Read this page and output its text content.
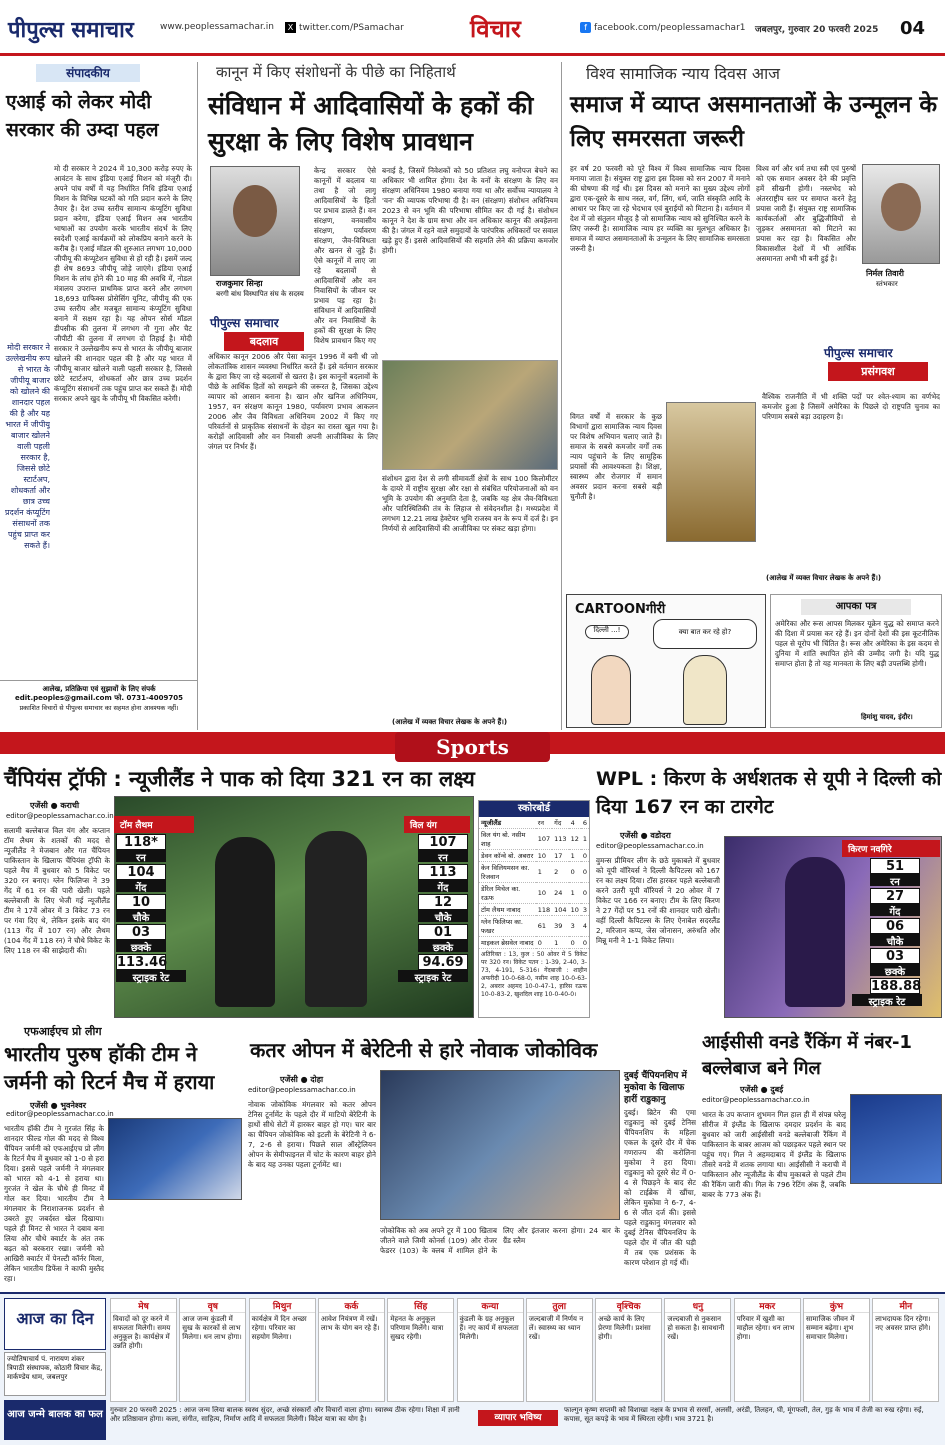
पीपुल्स समाचार	www.peoplessamachar.in	X twitter.com/PSamachar	विचार	f facebook.com/peoplessamachar1 जबलपुर, गुरुवार 20 फरवरी 2025 04
संपादकीय
एआई को लेकर मोदी सरकार की उम्दा पहल
मो दी सरकार ने 2024 में 10,300 करोड़ रुपए के आवंटन के साथ इंडिया एआई मिशन को मंजूरी दी। अपने पांच वर्षों में यह निर्धारित निधि इंडिया एआई मिशन के विभिन्न घटकों को गति प्रदान करने के लिए तैयार है। देश उच्च स्तरीय सामान्य कंप्यूटिंग सुविधा प्रदान करेगा, इंडिया एआई मिशन अब भारतीय भाषाओं का उपयोग करके भारतीय संदर्भ के लिए स्वदेशी एआई कार्यक्रमों को लोकप्रिय बनाने करने के करीब है। एआई मॉडल की शुरुआत लगभग 10,000 जीपीयू की कंप्यूटेशन सुविधा से हो रही है। इसमें जल्द ही शेष 8693 जीपीयू जोड़े जाएंगे। इंडिया एआई मिशन के लांच होने की 10 माह की अवधि में, नोडल मंत्रालय उपरान्त प्राथमिक प्राप्त करने और लगभग 18,693 ग्राफिक्स प्रोसेसिंग यूनिट, जीपीयू की एक उच्च स्तरीय और मजबूत सामान्य कंप्यूटिंग सुविधा बनाने में सक्षम रहा है। यह ओपन सोर्स मॉडल डीपसीक की तुलना में लगभग नौ गुना और चैट जीपीटी की तुलना में लगभग दो तिहाई है। मोदी सरकार ने उल्लेखनीय रूप से भारत के जीपीयू बाजार खोलने की शानदार पहल की है और यह भारत में जीपीयू बाजार खोलने वाली पहली सरकार है, जिससे छोटे स्टार्टअप, शोधकर्ता और छात्र उच्च प्रदर्शन कंप्यूटिंग संसाधनों तक पहुंच प्राप्त कर सकते हैं। मोदी सरकार अपने खुद के जीपीयू भी विकसित करेगी।
मोदी सरकार ने उल्लेखनीय रूप से भारत के जीपीयू बाजार को खोलने की शानदार पहल की है और यह भारत में जीपीयू बाजार खोलने वाली पहली सरकार है, जिससे छोटे स्टार्टअप, शोधकर्ता और छात्र उच्च प्रदर्शन कंप्यूटिंग संसाधनों तक पहुंच प्राप्त कर सकते हैं।
आलेख, प्रतिक्रिया एवं सुझावों के लिए संपर्क
edit.peoples@gmail.com फो. 0731-4009705
प्रकाशित विचारों से पीपुल्स समाचार का सहमत होना आवश्यक नहीं।
कानून में किए संशोधनों के पीछे का निहितार्थ
संविधान में आदिवासियों के हकों की सुरक्षा के लिए विशेष प्रावधान
राजकुमार सिन्हा
बरगी बांध विस्थापित संघ के सदस्य
पीपुल्स समाचार
बदलाव
केन्द्र सरकार ऐसे कानूनों में बदलाव या तथा है जो लागू आदिवासियों के हितों पर प्रभाव डालते हैं। वन संरक्षण, वनवासीय संरक्षण, पर्यावरण संरक्षण, जैव-विविधता और खनन से जुड़े हैं। ऐसे कानूनों में लाए जा रहे बदलावों से आदिवासियों और वन निवासियों के जीवन पर प्रभाव पड़ रहा है। संविधान में आदिवासियों और वन निवासियों के हकों की सुरक्षा के लिए विशेष प्रावधान किए गए
अधिकार कानून 2006 और पेसा कानून 1996 में बनी थी जो लोकतांत्रिक शासन व्यवस्था निर्धारित करते हैं। इसे वर्तमान सरकार के द्वारा किए जा रहे बदलावों से खतरा है। इस कानूनों बदलावों के पीछे के आर्थिक हितों को समझने की जरूरत है, जिसका उद्देश्य व्यापार को आसान बनाना है। खान और खनिज अधिनियम, 1957, वन संरक्षण कानून 1980, पर्यावरण प्रभाव आकलन 2006 और जैव विविधता अधिनियम 2002 में किए गए परिवर्तनों से प्राकृतिक संसाधनों के दोहन का रास्ता खुल गया है। करोड़ों आदिवासी और वन निवासी अपनी आजीविका के लिए जंगल पर निर्भर हैं।
बनाई है, जिसमें निवेशकों को 50 प्रतिशत लघु वनोपज बेचने का अधिकार भी शामिल होगा। देश के वनों के संरक्षण के लिए वन संरक्षण अधिनियम 1980 बनाया गया था और सर्वोच्च न्यायालय ने 'वन' की व्यापक परिभाषा दी है। वन (संरक्षण) संशोधन अधिनियम 2023 से वन भूमि की परिभाषा सीमित कर दी गई है। संशोधन कानून ने देश के ग्राम सभा और वन अधिकार कानून की अवहेलना की है। जंगल में रहने वाले समुदायों के पारंपरिक अधिकारों पर सवाल खड़े हुए हैं। इससे आदिवासियों की सहमति लेने की प्रक्रिया कमजोर होगी।
संशोधन द्वारा देश से लगी सीमावर्ती क्षेत्रों के साथ 100 किलोमीटर के दायरे में राष्ट्रीय सुरक्षा और रक्षा से संबंधित परियोजनाओं को वन भूमि के उपयोग की अनुमति देता है, जबकि यह क्षेत्र जैव-विविधता और पारिस्थितिकी तंत्र के लिहाज से संवेदनशील है। मध्यप्रदेश में लगभग 12.21 लाख हेक्टेयर भूमि राजस्व वन के रूप में दर्ज है। इन निर्णयों से आदिवासियों की आजीविका पर संकट खड़ा होगा।
(आलेख में व्यक्त विचार लेखक के अपने हैं।)
विश्व सामाजिक न्याय दिवस आज
समाज में व्याप्त असमानताओं के उन्मूलन के लिए समरसता जरूरी
हर वर्ष 20 फरवरी को पूरे विश्व में विश्व सामाजिक न्याय दिवस मनाया जाता है। संयुक्त राष्ट्र द्वारा इस दिवस को सन 2007 में मनाने की घोषणा की गई थी। इस दिवस को मनाने का मुख्य उद्देश्य लोगों द्वारा एक-दूसरे के साथ नस्ल, वर्ग, लिंग, धर्म, जाति संस्कृति आदि के आधार पर किए जा रहे भेदभाव एवं बुराईयों को मिटाना है। वर्तमान में देश में जो संतुलन मौजूद है जो सामाजिक न्याय को सुनिश्चित करने के लिए जरूरी है। सामाजिक न्याय हर व्यक्ति का मूलभूत अधिकार है। समाज में व्याप्त असमानताओं के उन्मूलन के लिए सामाजिक समरसता जरूरी है।
विश्व वर्ग और धर्म तथा स्त्री एवं पुरुषों को एक समान अवसर देने की प्रवृत्ति हमें सीखनी होगी। नस्लभेद को अंतरराष्ट्रीय स्तर पर समाप्त करने हेतु प्रयास जारी हैं। संयुक्त राष्ट्र सामाजिक कार्यकर्ताओं और बुद्धिजीवियों से जुड़कर असमानता को मिटाने का प्रयास कर रहा है। विकसित और विकासशील देशों में भी आर्थिक असमानता अभी भी बनी हुई है।
निर्मल तिवारी
स्तंभकार
पीपुल्स समाचार
प्रसंगवश
विगत वर्षों में सरकार के कुछ विभागों द्वारा सामाजिक न्याय दिवस पर विशेष अभियान चलाए जाते हैं। समाज के सबसे कमजोर वर्गों तक न्याय पहुंचाने के लिए सामूहिक प्रयासों की आवश्यकता है। शिक्षा, स्वास्थ्य और रोजगार में समान अवसर प्रदान करना सबसे बड़ी चुनौती है।
वैश्विक राजनीति में भी शक्ति पदों पर श्वेत-श्याम का वर्णभेद कमजोर हुआ है जिसमें अमेरिका के पिछले दो राष्ट्रपति चुनाव का परिणाम सबसे बड़ा उदाहरण है।
(आलेख में व्यक्त विचार लेखक के अपने हैं।)
CARTOONगीरी
दिल्ली ...!	क्या बात कर रहे हो?
आपका पत्र
अमेरिका और रूस आपस मिलकर यूक्रेन युद्ध को समाप्त करने की दिशा में प्रयास कर रहे हैं। इन दोनों देशों की इस कूटनीतिक पहल से यूरोप भी चिंतित है। रूस और अमेरिका के इस कदम से दुनिया में शांति स्थापित होने की उम्मीद जगी है। यदि युद्ध समाप्त होता है तो यह मानवता के लिए बड़ी उपलब्धि होगी।
हिमांशु यादव, इंदौर।
Sports
चैंपियंस ट्रॉफी : न्यूजीलैंड ने पाक को दिया 321 रन का लक्ष्य
एजेंसी ● कराची
editor@peoplessamachar.co.in
सलामी बल्लेबाज विल यंग और कप्तान टॉम लैथम के शतकों की मदद से न्यूजीलैंड ने मेजबान और गत चैंपियन पाकिस्तान के खिलाफ चैंपियंस ट्रॉफी के पहले मैच में बुधवार को 5 विकेट पर 320 रन बनाए। ग्लेन फिलिप्स ने 39 गेंद में 61 रन की पारी खेली। पहले बल्लेबाजी के लिए भेजी गई न्यूजीलैंड टीम ने 17वें ओवर में 3 विकेट 73 रन पर गंवा दिए थे, लेकिन इसके बाद यंग (113 गेंद में 107 रन) और लैथम (104 गेंद में 118 रन) ने चौथे विकेट के लिए 118 रन की साझेदारी की।
टॉम लैथम
118*
रन
104
गेंद
10
चौके
03
छक्के
113.46
स्ट्राइक रेट
विल यंग
107
रन
113
गेंद
12
चौके
01
छक्के
94.69
स्ट्राइक रेट
स्कोरबोर्ड
न्यूजीलैंड	रन	गेंद	4	6
विल यंग बो. नसीम शाह	107	113	12	1
डेवन कॉन्वे बो. अबरार	10	17	1	0
केन विलियमसन का. रिजवान	1	2	0	0
डेरिल मिचेल का. रऊफ	10	24	1	0
टॉम लैथम नाबाद	118	104	10	3
ग्लेन फिलिप्स का. फखर	61	39	3	4
माइकल ब्रेसवेल नाबाद	0	1	0	0
अतिरिक्त : 13, कुल : 50 ओवर में 5 विकेट पर 320 रन। विकेट पतन : 1-39, 2-40, 3-73, 4-191, 5-316। गेंदबाजी : शाहीन अफरीदी 10-0-68-0, नसीम शाह 10-0-63-2, अबरार अहमद 10-0-47-1, हारिस रऊफ 10-0-83-2, खुशदिल शाह 10-0-40-0।
WPL : किरण के अर्धशतक से यूपी ने दिल्ली को दिया 167 रन का टारगेट
एजेंसी ● वडोदरा
editor@peoplessamachar.co.in
वुमन्स प्रीमियर लीग के छठे मुकाबले में बुधवार को यूपी वॉरियर्स ने दिल्ली कैपिटल्स को 167 रन का लक्ष्य दिया। टॉस हारकर पहले बल्लेबाजी करने उतरी यूपी वॉरियर्स ने 20 ओवर में 7 विकेट पर 166 रन बनाए। टीम के लिए किरण ने 27 गेंदों पर 51 रनों की शानदार पारी खेली। वहीं दिल्ली कैपिटल्स के लिए ऐनाबेल सदरलैंड 2, मरिजान कप्प, जेस जोनासन, अरुंधति और मिन्नू मनी ने 1-1 विकेट लिया।
किरण नवगिरे
51
रन
27
गेंद
06
चौके
03
छक्के
188.88
स्ट्राइक रेट
एफआईएच प्रो लीग
भारतीय पुरुष हॉकी टीम ने जर्मनी को रिटर्न मैच में हराया
एजेंसी ● भुवनेश्वर
editor@peoplessamachar.co.in
भारतीय हॉकी टीम ने गुरजंत सिंह के शानदार फील्ड गोल की मदद से विश्व चैंपियन जर्मनी को एफआईएच प्रो लीग के रिटर्न मैच में बुधवार को 1-0 से हरा दिया। इससे पहले जर्मनी ने मंगलवार को भारत को 4-1 से हराया था। गुरजंत ने खेल के चौथे ही मिनट में गोल कर दिया। भारतीय टीम ने मंगलवार के निराशाजनक प्रदर्शन से उबरते हुए जबर्दस्त खेल दिखाया। पहले ही मिनट से भारत ने दबाव बना लिया और चौथे क्वार्टर के अंत तक बढ़त को बरकरार रखा। जर्मनी को आखिरी क्वार्टर में पेनल्टी कॉर्नर मिला, लेकिन भारतीय डिफेंस ने काफी मुस्तैद रहा।
कतर ओपन में बेरेटिनी से हारे नोवाक जोकोविक
एजेंसी ● दोहा
editor@peoplessamachar.co.in
नोवाक जोकोविक मंगलवार को कतर ओपन टेनिस टूर्नामेंट के पहले दौर में माटियो बेरेटिनी के हाथों सीधे सेटों में हारकर बाहर हो गए। चार बार का चैंपियन जोकोविक को इटली के बेरेटिनी ने 6-7, 2-6 से हराया। पिछले साल ऑस्ट्रेलियन ओपन के सेमीफाइनल में चोट के कारण बाहर होने के बाद यह उनका पहला टूर्नामेंट था।
जोकोविक को अब अपने टूर में 100 खिताब जीतने वाले जिमी कोनर्स (109) और रोजर फेडरर (103) के क्लब में शामिल होने के लिए और इंतजार करना होगा। 24 बार के ग्रैंड स्लैम
दुबई चैंपियनशिप में मुकोवा के खिलाफ हारीं राडुकानु
दुबई। ब्रिटेन की एमा राडुकानु को दुबई टेनिस चैंपियनशिप के महिला एकल के दूसरे दौर में चेक गणराज्य की करोलिना मुकोवा ने हरा दिया। राडुकानु को दूसरे सेट में 0-4 से पिछड़ने के बाद सेट को टाईब्रेक में खींचा, लेकिन मुकोवा ने 6-7, 4-6 से जीत दर्ज की। इससे पहले राडुकानु मंगलवार को दुबई टेनिस चैंपियनशिप के पहले दौर में जीत की घड़ी में तब एक प्रशंसक के कारण परेशान हो गई थीं।
आईसीसी वनडे रैंकिंग में नंबर-1 बल्लेबाज बने गिल
एजेंसी ● दुबई
editor@peoplessamachar.co.in
भारत के उप कप्तान शुभमन गिल हाल ही में संपन्न घरेलू सीरीज में इंग्लैंड के खिलाफ दमदार प्रदर्शन के बाद बुधवार को जारी आईसीसी वनडे बल्लेबाजी रैंकिंग में पाकिस्तान के बाबर आजम को पछाड़कर पहले स्थान पर पहुंच गए। गिल ने अहमदाबाद में इंग्लैंड के खिलाफ तीसरे वनडे में शतक लगाया था। आईसीसी ने कराची में पाकिस्तान और न्यूजीलैंड के बीच मुकाबले से पहले टीम की रैंकिंग जारी की। गिल के 796 रेटिंग अंक हैं, जबकि बाबर के 773 अंक हैं।
आज का दिन
ज्योतिषाचार्य पं. नारायण शंकर त्रिपाठी संस्थापक, कोठारी विचार केंद्र, मार्कण्डेय धाम, जबलपुर
आज जन्मे बालक का फल
मेष
विवादों को दूर करने में सफलता मिलेगी। समय अनुकूल है। कार्यक्षेत्र में उन्नति होगी।
वृष
आज जन्म कुंडली में सुख के कारकों से लाभ मिलेगा। धन लाभ होगा।
मिथुन
कार्यक्षेत्र में दिन अच्छा रहेगा। परिवार का सहयोग मिलेगा।
कर्क
आवेश नियंत्रण में रखें। लाभ के योग बन रहे हैं।
सिंह
मेहनत के अनुकूल परिणाम मिलेंगे। यात्रा सुखद रहेगी।
कन्या
कुंडली के ग्रह अनुकूल हैं। नए कार्य में सफलता मिलेगी।
तुला
जल्दबाजी में निर्णय न लें। स्वास्थ्य का ध्यान रखें।
वृश्चिक
अच्छे कार्य के लिए प्रेरणा मिलेगी। प्रशंसा होगी।
धनु
जल्दबाजी से नुकसान हो सकता है। सावधानी रखें।
मकर
परिवार में खुशी का माहौल रहेगा। धन लाभ होगा।
कुंभ
सामाजिक जीवन में सम्मान बढ़ेगा। शुभ समाचार मिलेगा।
मीन
लाभदायक दिन रहेगा। नए अवसर प्राप्त होंगे।
गुरुवार 20 फरवरी 2025 : आज जन्म लिया बालक स्वस्थ सुंदर, अच्छे संस्कारों और विचारों वाला होगा। स्वास्थ्य ठीक रहेगा। शिक्षा में ज्ञानी और प्रतिष्ठावान होगा। कला, संगीत, साहित्य, निर्माण आदि में सफलता मिलेगी। विदेश यात्रा का योग है।	व्यापार भविष्य
फाल्गुन कृष्ण सप्तमी को विशाखा नक्षत्र के प्रभाव से सरसों, अलसी, अरंडी, तिलहन, घी, मूंगफली, तेल, गुड़ के भाव में तेजी का रुख रहेगा। रुई, कपास, सूत कपड़े के भाव में स्थिरता रहेगी। भाव 3721 है।
